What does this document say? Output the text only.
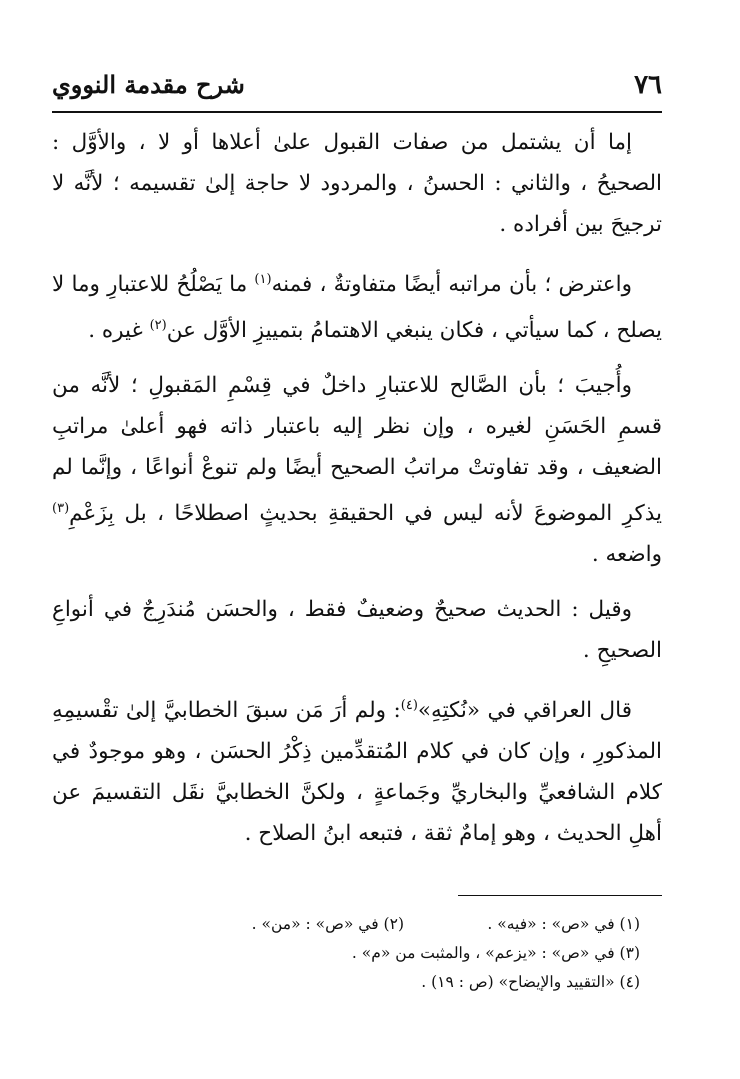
٧٦
شرح مقدمة النووي

إما أن يشتمل من صفات القبول علىٰ أعلاها أو لا ، والأوَّل : الصحيحُ ، والثاني : الحسنُ ، والمردود لا حاجة إلىٰ تقسيمه ؛ لأنَّه لا ترجيحَ بين أفراده .

واعترض ؛ بأن مراتبه أيضًا متفاوتةٌ ، فمنه$^{(١)}$ ما يَصْلُحُ للاعتبارِ وما لا يصلح ، كما سيأتي ، فكان ينبغي الاهتمامُ بتمييزِ الأوَّل عن$^{(٢)}$ غيره .

وأُجيبَ ؛ بأن الصَّالح للاعتبارِ داخلٌ في قِسْمِ المَقبولِ ؛ لأنَّه من قسمِ الحَسَنِ لغيره ، وإن نظر إليه باعتبار ذاته فهو أعلىٰ مراتبِ الضعيف ، وقد تفاوتتْ مراتبُ الصحيح أيضًا ولم تنوعْ أنواعًا ، وإنَّما لم يذكرِ الموضوعَ لأنه ليس في الحقيقةِ بحديثٍ اصطلاحًا ، بل بِزَعْمِ$^{(٣)}$ واضعه .

وقيل : الحديث صحيحٌ وضعيفٌ فقط ، والحسَن مُندَرِجٌ في أنواعِ الصحيحِ .

قال العراقي في «نُكتِهِ»$^{(٤)}$: ولم أرَ مَن سبقَ الخطابيَّ إلىٰ تقْسيمِهِ المذكورِ ، وإن كان في كلام المُتقدِّمين ذِكْرُ الحسَن ، وهو موجودٌ في كلام الشافعيِّ والبخاريِّ وجَماعةٍ ، ولكنَّ الخطابيَّ نقَل التقسيمَ عن أهلِ الحديث ، وهو إمامٌ ثقة ، فتبعه ابنُ الصلاح .

(١) في «ص» : «فيه» .
(٢) في «ص» : «من» .
(٣) في «ص» : «يزعم» ، والمثبت من «م» .
(٤) «التقييد والإيضاح» (ص : ١٩) .
